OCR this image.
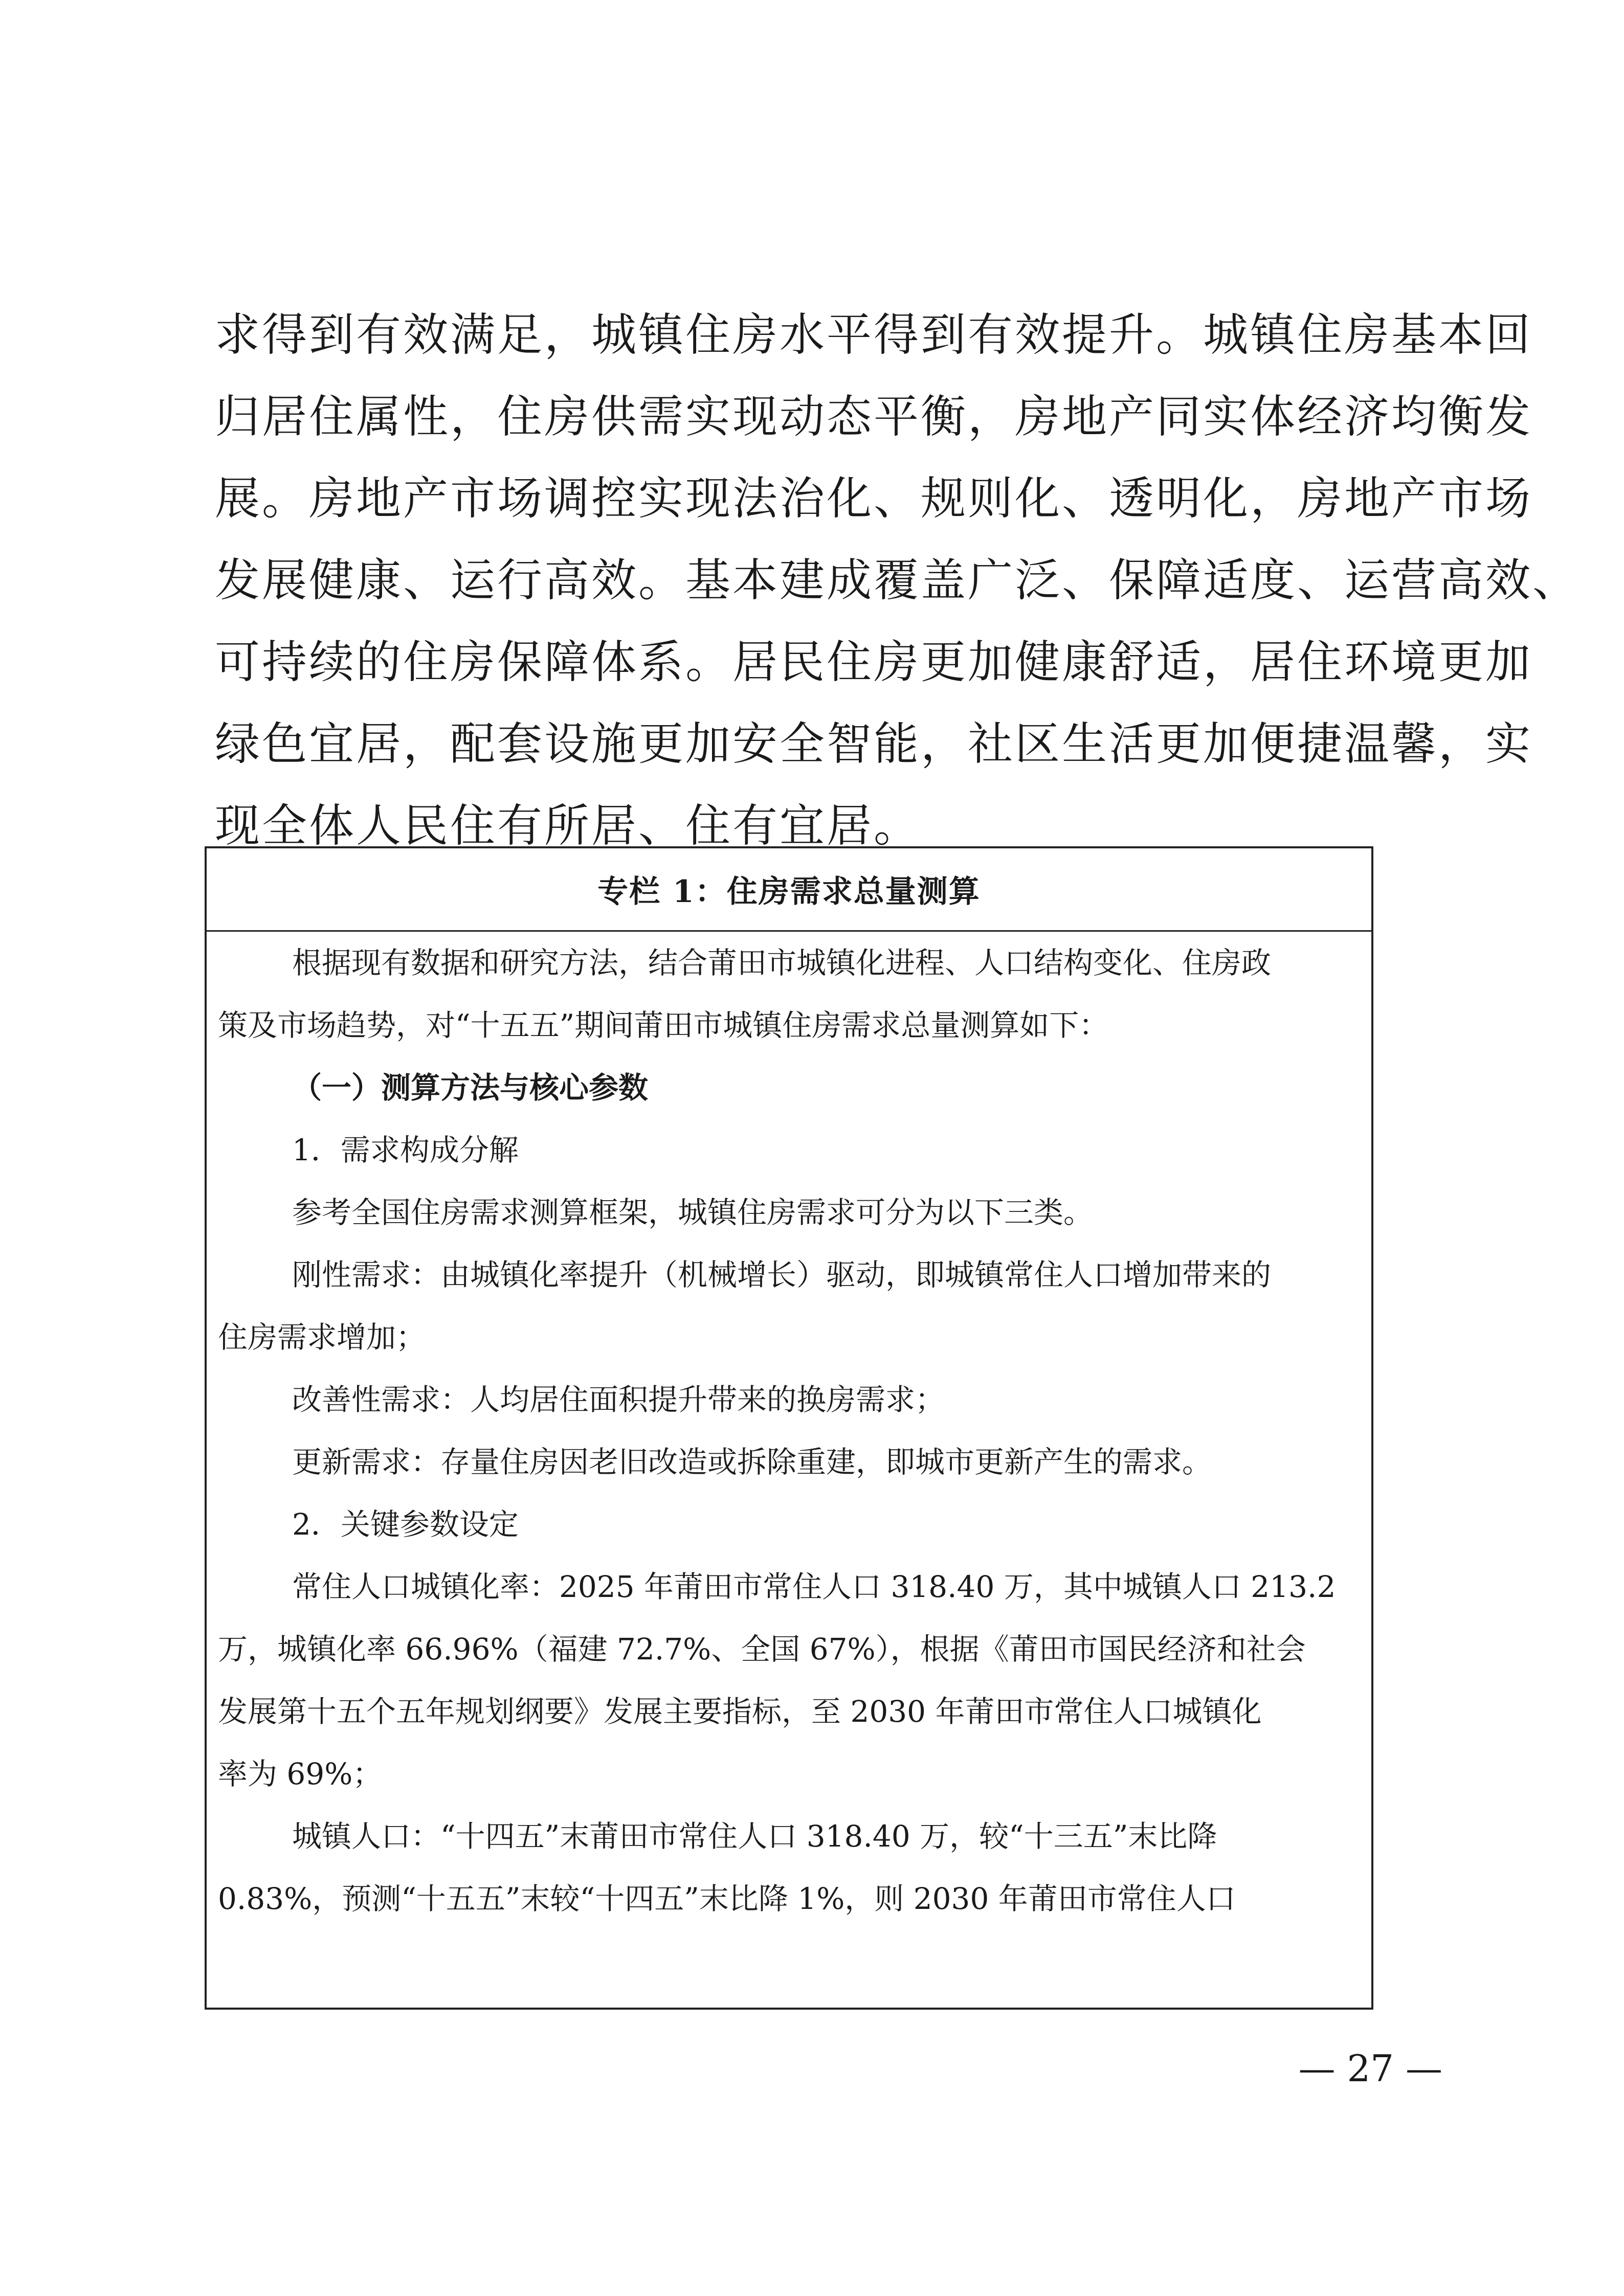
求得到有效满足，城镇住房水平得到有效提升。城镇住房基本回
归居住属性，住房供需实现动态平衡，房地产同实体经济均衡发
展。房地产市场调控实现法治化、规则化、透明化，房地产市场
发展健康、运行高效。基本建成覆盖广泛、保障适度、运营高效、
可持续的住房保障体系。居民住房更加健康舒适，居住环境更加
绿色宜居，配套设施更加安全智能，社区生活更加便捷温馨，实
现全体人民住有所居、住有宜居。
专栏 1：住房需求总量测算
根据现有数据和研究方法，结合莆田市城镇化进程、人口结构变化、住房政
策及市场趋势，对“十五五”期间莆田市城镇住房需求总量测算如下：
（一）测算方法与核心参数
1．需求构成分解
参考全国住房需求测算框架，城镇住房需求可分为以下三类。
刚性需求：由城镇化率提升（机械增长）驱动，即城镇常住人口增加带来的
住房需求增加；
改善性需求：人均居住面积提升带来的换房需求；
更新需求：存量住房因老旧改造或拆除重建，即城市更新产生的需求。
2．关键参数设定
常住人口城镇化率：2025 年莆田市常住人口 318.40 万，其中城镇人口 213.2
万，城镇化率 66.96%（福建 72.7%、全国 67%），根据《莆田市国民经济和社会
发展第十五个五年规划纲要》发展主要指标，至 2030 年莆田市常住人口城镇化
率为 69%；
城镇人口：“十四五”末莆田市常住人口 318.40 万，较“十三五”末比降
0.83%，预测“十五五”末较“十四五”末比降 1%，则 2030 年莆田市常住人口
— 27 —
